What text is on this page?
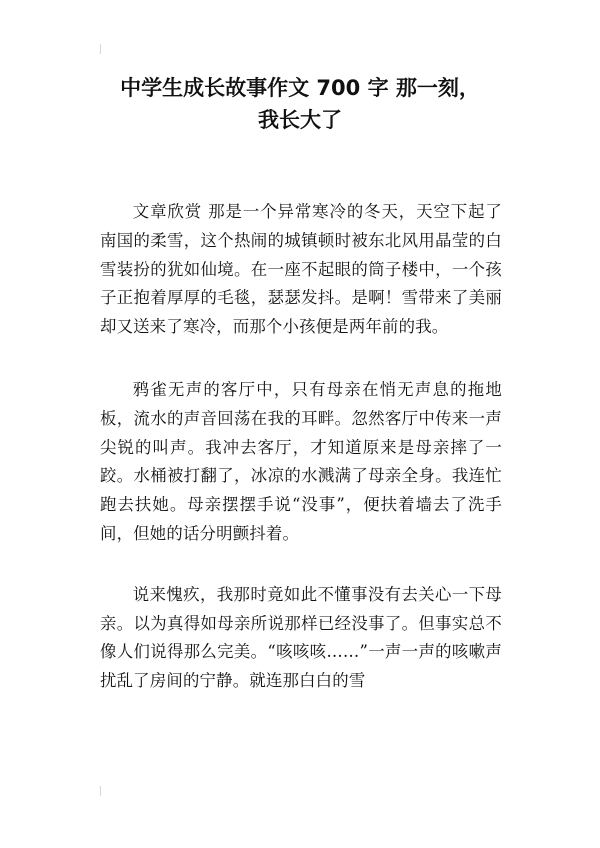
中学生成长故事作文 700 字 那一刻，
我长大了

文章欣赏 那是一个异常寒冷的冬天，天空下起了南国的柔雪，这个热闹的城镇顿时被东北风用晶莹的白雪装扮的犹如仙境。在一座不起眼的筒子楼中，一个孩子正抱着厚厚的毛毯，瑟瑟发抖。是啊！雪带来了美丽却又送来了寒冷，而那个小孩便是两年前的我。

鸦雀无声的客厅中，只有母亲在悄无声息的拖地板，流水的声音回荡在我的耳畔。忽然客厅中传来一声尖锐的叫声。我冲去客厅，才知道原来是母亲摔了一跤。水桶被打翻了，冰凉的水溅满了母亲全身。我连忙跑去扶她。母亲摆摆手说“没事”，便扶着墙去了洗手间，但她的话分明颤抖着。

说来愧疚，我那时竟如此不懂事没有去关心一下母亲。以为真得如母亲所说那样已经没事了。但事实总不像人们说得那么完美。“咳咳咳……”一声一声的咳嗽声扰乱了房间的宁静。就连那白白的雪
